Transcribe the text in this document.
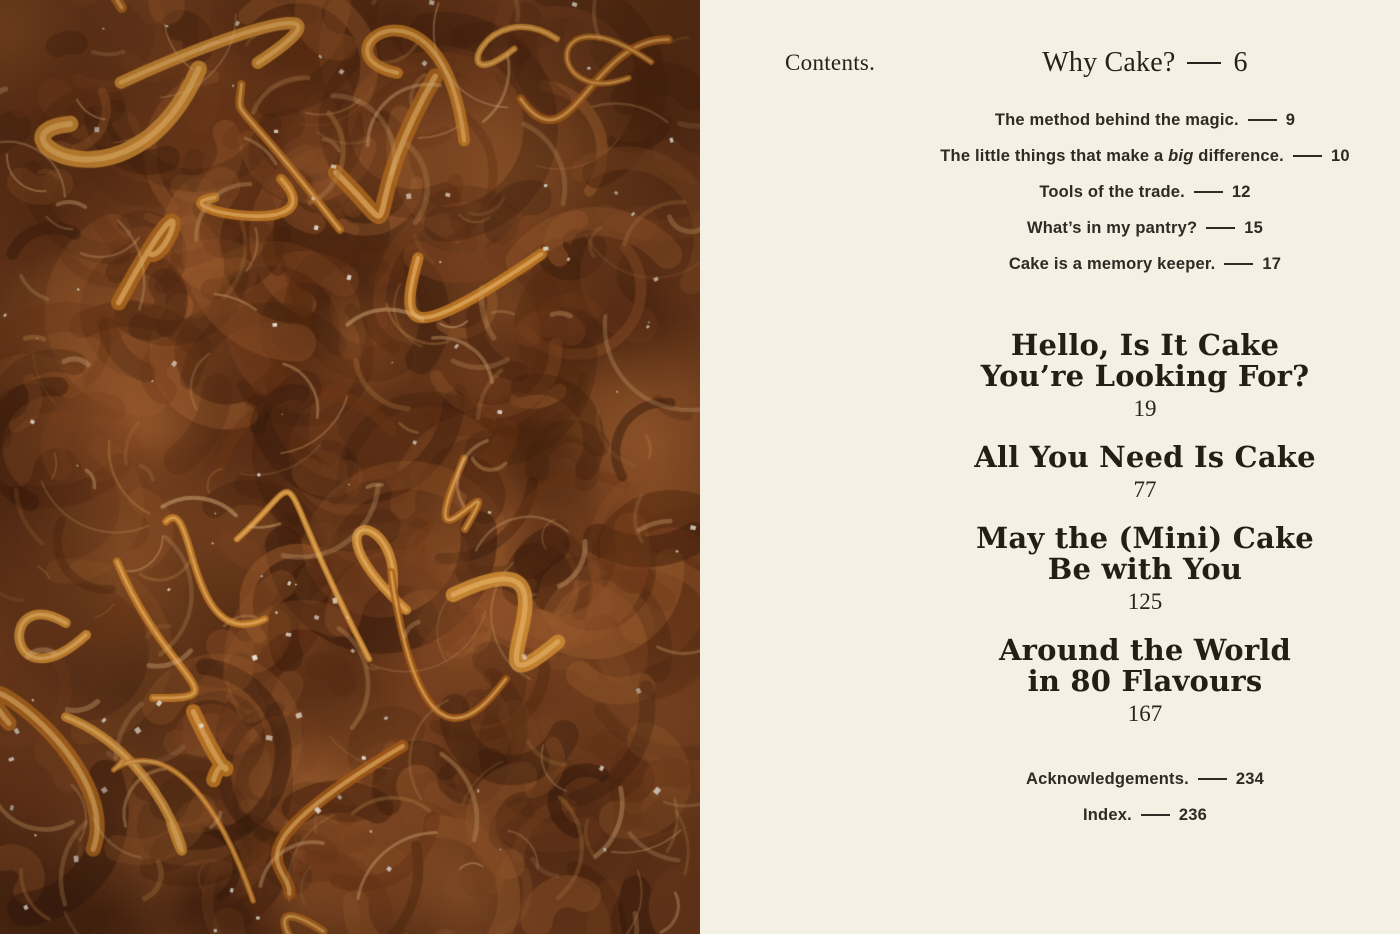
Contents.	Why Cake? 6
The method behind the magic.	9
The little things that make a big difference.	10
Tools of the trade.	12
What’s in my pantry?	15
Cake is a memory keeper.	17
Hello, Is It Cake
You’re Looking For?
19
All You Need Is Cake
77
May the (Mini) Cake
Be with You
125
Around the World
in 80 Flavours
167
Acknowledgements.	234
Index.	236
